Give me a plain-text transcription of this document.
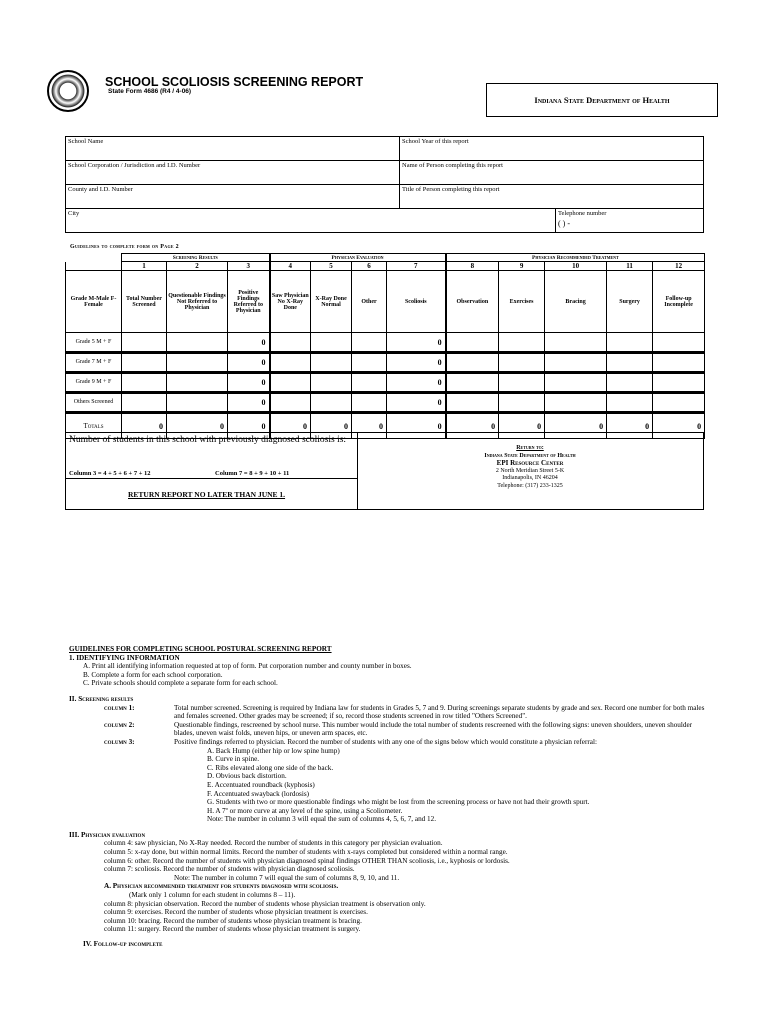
SCHOOL SCOLIOSIS SCREENING REPORT
State Form 4686 (R4 / 4-06)
Indiana State Department of Health
School Name	School Year of this report	
School Corporation / Jurisdiction and I.D. Number	Name of Person completing this report	
County and I.D. Number	Title of Person completing this report	
City		Telephone number
( ) -
Guidelines to complete form on Page 2
	Screening Results			Physician Evaluation				Physician Recommended Treatment				
	1	2	3	4	5	6	7	8	9	10	11	12
Grade M-Male F-Female	Total Number Screened	Questionable Findings Not Referred to Physician	Positive Findings Referred to Physician	Saw Physician No X-Ray Done	X-Ray Done Normal	Other	Scoliosis	Observation	Exercises	Bracing	Surgery	Follow-up Incomplete
Grade 5 M + F			0				0					
Grade 7 M + F			0				0					
Grade 9 M + F			0				0					
Others Screened			0				0					
Totals	0	0	0	0	0	0	0	0	0	0	0	0
Number of students in this school with previously diagnosed scoliosis is:
Column 3 = 4 + 5 + 6 + 7 + 12	Column 7 = 8 + 9 + 10 + 11
RETURN REPORT NO LATER THAN JUNE 1.
Return to:
Indiana State Department of Health
EPI Resource Center
2 North Meridian Street 5-K
Indianapolis, IN 46204
Telephone: (317) 233-1325

GUIDELINES FOR COMPLETING SCHOOL POSTURAL SCREENING REPORT

1. IDENTIFYING INFORMATION

A. Print all identifying information requested at top of form. Put corporation number and county number in boxes.

B. Complete a form for each school corporation.

C. Private schools should complete a separate form for each school.

II. Screening results

column 1:	Total number screened. Screening is required by Indiana law for students in Grades 5, 7 and 9. During screenings separate students by grade and sex. Record one number for both males and females screened. Other grades may be screened; if so, record those students screened in row titled "Others Screened".
column 2:	Questionable findings, rescreened by school nurse. This number would include the total number of students rescreened with the following signs: uneven shoulders, uneven shoulder blades, uneven waist folds, uneven hips, or uneven arm spaces, etc.
column 3:	Positive findings referred to physician. Record the number of students with any one of the signs below which would constitute a physician referral:

A. Back Hump (either hip or low spine hump)

B. Curve in spine.

C. Ribs elevated along one side of the back.

D. Obvious back distortion.

E. Accentuated roundback (kyphosis)

F. Accentuated swayback (lordosis)

G. Students with two or more questionable findings who might be lost from the screening process or have not had their growth spurt.

H. A 7º or more curve at any level of the spine, using a Scoliometer.

Note: The number in column 3 will equal the sum of columns 4, 5, 6, 7, and 12.

III. Physician evaluation

column 4: saw physician, No X-Ray needed. Record the number of students in this category per physician evaluation.

column 5: x-ray done, but within normal limits. Record the number of students with x-rays completed but considered within a normal range.

column 6: other. Record the number of students with physician diagnosed spinal findings OTHER THAN scoliosis, i.e., kyphosis or lordosis.

column 7: scoliosis. Record the number of students with physician diagnosed scoliosis.

Note: The number in column 7 will equal the sum of columns 8, 9, 10, and 11.

A. Physician recommended treatment for students diagnosed with scoliosis.

(Mark only 1 column for each student in columns 8 – 11).

column 8: physician observation. Record the number of students whose physician treatment is observation only.

column 9: exercises. Record the number of students whose physician treatment is exercises.

column 10: bracing. Record the number of students whose physician treatment is bracing.

column 11: surgery. Record the number of students whose physician treatment is surgery.

IV. Follow-up incomplete
